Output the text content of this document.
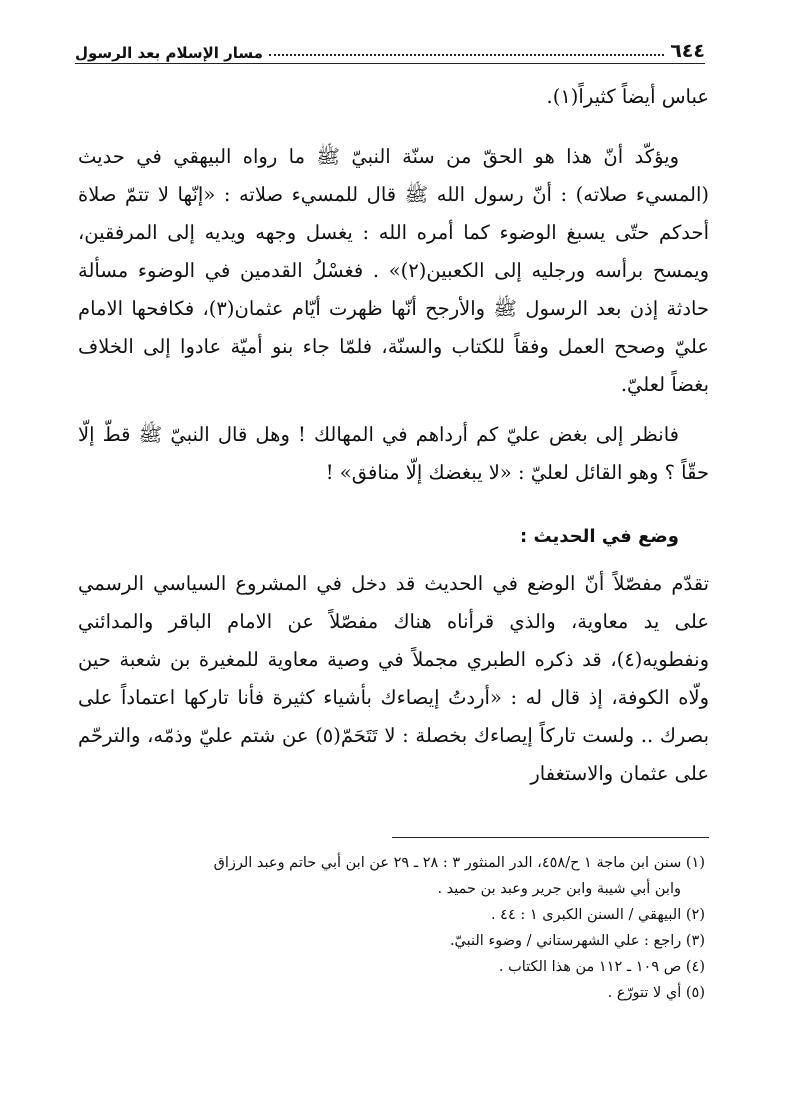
٦٤٤
مسار الإسلام بعد الرسول

عباس أيضاً كثيراً(١).

ويؤكّد أنّ هذا هو الحقّ من سنّة النبيّ ﷺ ما رواه البيهقي في حديث (المسيء صلاته) : أنّ رسول الله ﷺ قال للمسيء صلاته : «إنّها لا تتمّ صلاة أحدكم حتّى يسبغ الوضوء كما أمره الله : يغسل وجهه ويديه إلى المرفقين، ويمسح برأسه ورجليه إلى الكعبين(٢)» . فغسْلُ القدمين في الوضوء مسألة حادثة إذن بعد الرسول ﷺ والأرجح أنّها ظهرت أيّام عثمان(٣)، فكافحها الامام عليّ وصحح العمل وفقاً للكتاب والسنّة، فلمّا جاء بنو أميّة عادوا إلى الخلاف بغضاً لعليّ.

فانظر إلى بغض عليّ كم أرداهم في المهالك ! وهل قال النبيّ ﷺ قطّ إلّا حقّاً ؟ وهو القائل لعليّ : «لا يبغضك إلّا منافق» !

وضع في الحديث :

تقدّم مفصّلاً أنّ الوضع في الحديث قد دخل في المشروع السياسي الرسمي على يد معاوية، والذي قرأناه هناك مفصّلاً عن الامام الباقر والمدائني ونفطويه(٤)، قد ذكره الطبري مجملاً في وصية معاوية للمغيرة بن شعبة حين ولّاه الكوفة، إذ قال له : «أردتُ إيصاءك بأشياء كثيرة فأنا تاركها اعتماداً على بصرك .. ولست تاركاً إيصاءك بخصلة : لا تَتَحَمّ(٥) عن شتم عليّ وذمّه، والترحّم على عثمان والاستغفار

(١) سنن ابن ماجة ١ ح/٤٥٨، الدر المنثور ٣ : ٢٨ ـ ٢٩ عن ابن أبي حاتم وعبد الرزاق
وابن أبي شيبة وابن جرير وعبد بن حميد .
(٢) البيهقي / السنن الكبرى ١ : ٤٤ .
(٣) راجع : علي الشهرستاني / وضوء النبيّ.
(٤) ص ١٠٩ ـ ١١٢ من هذا الكتاب .
(٥) أي لا تتورّع .
